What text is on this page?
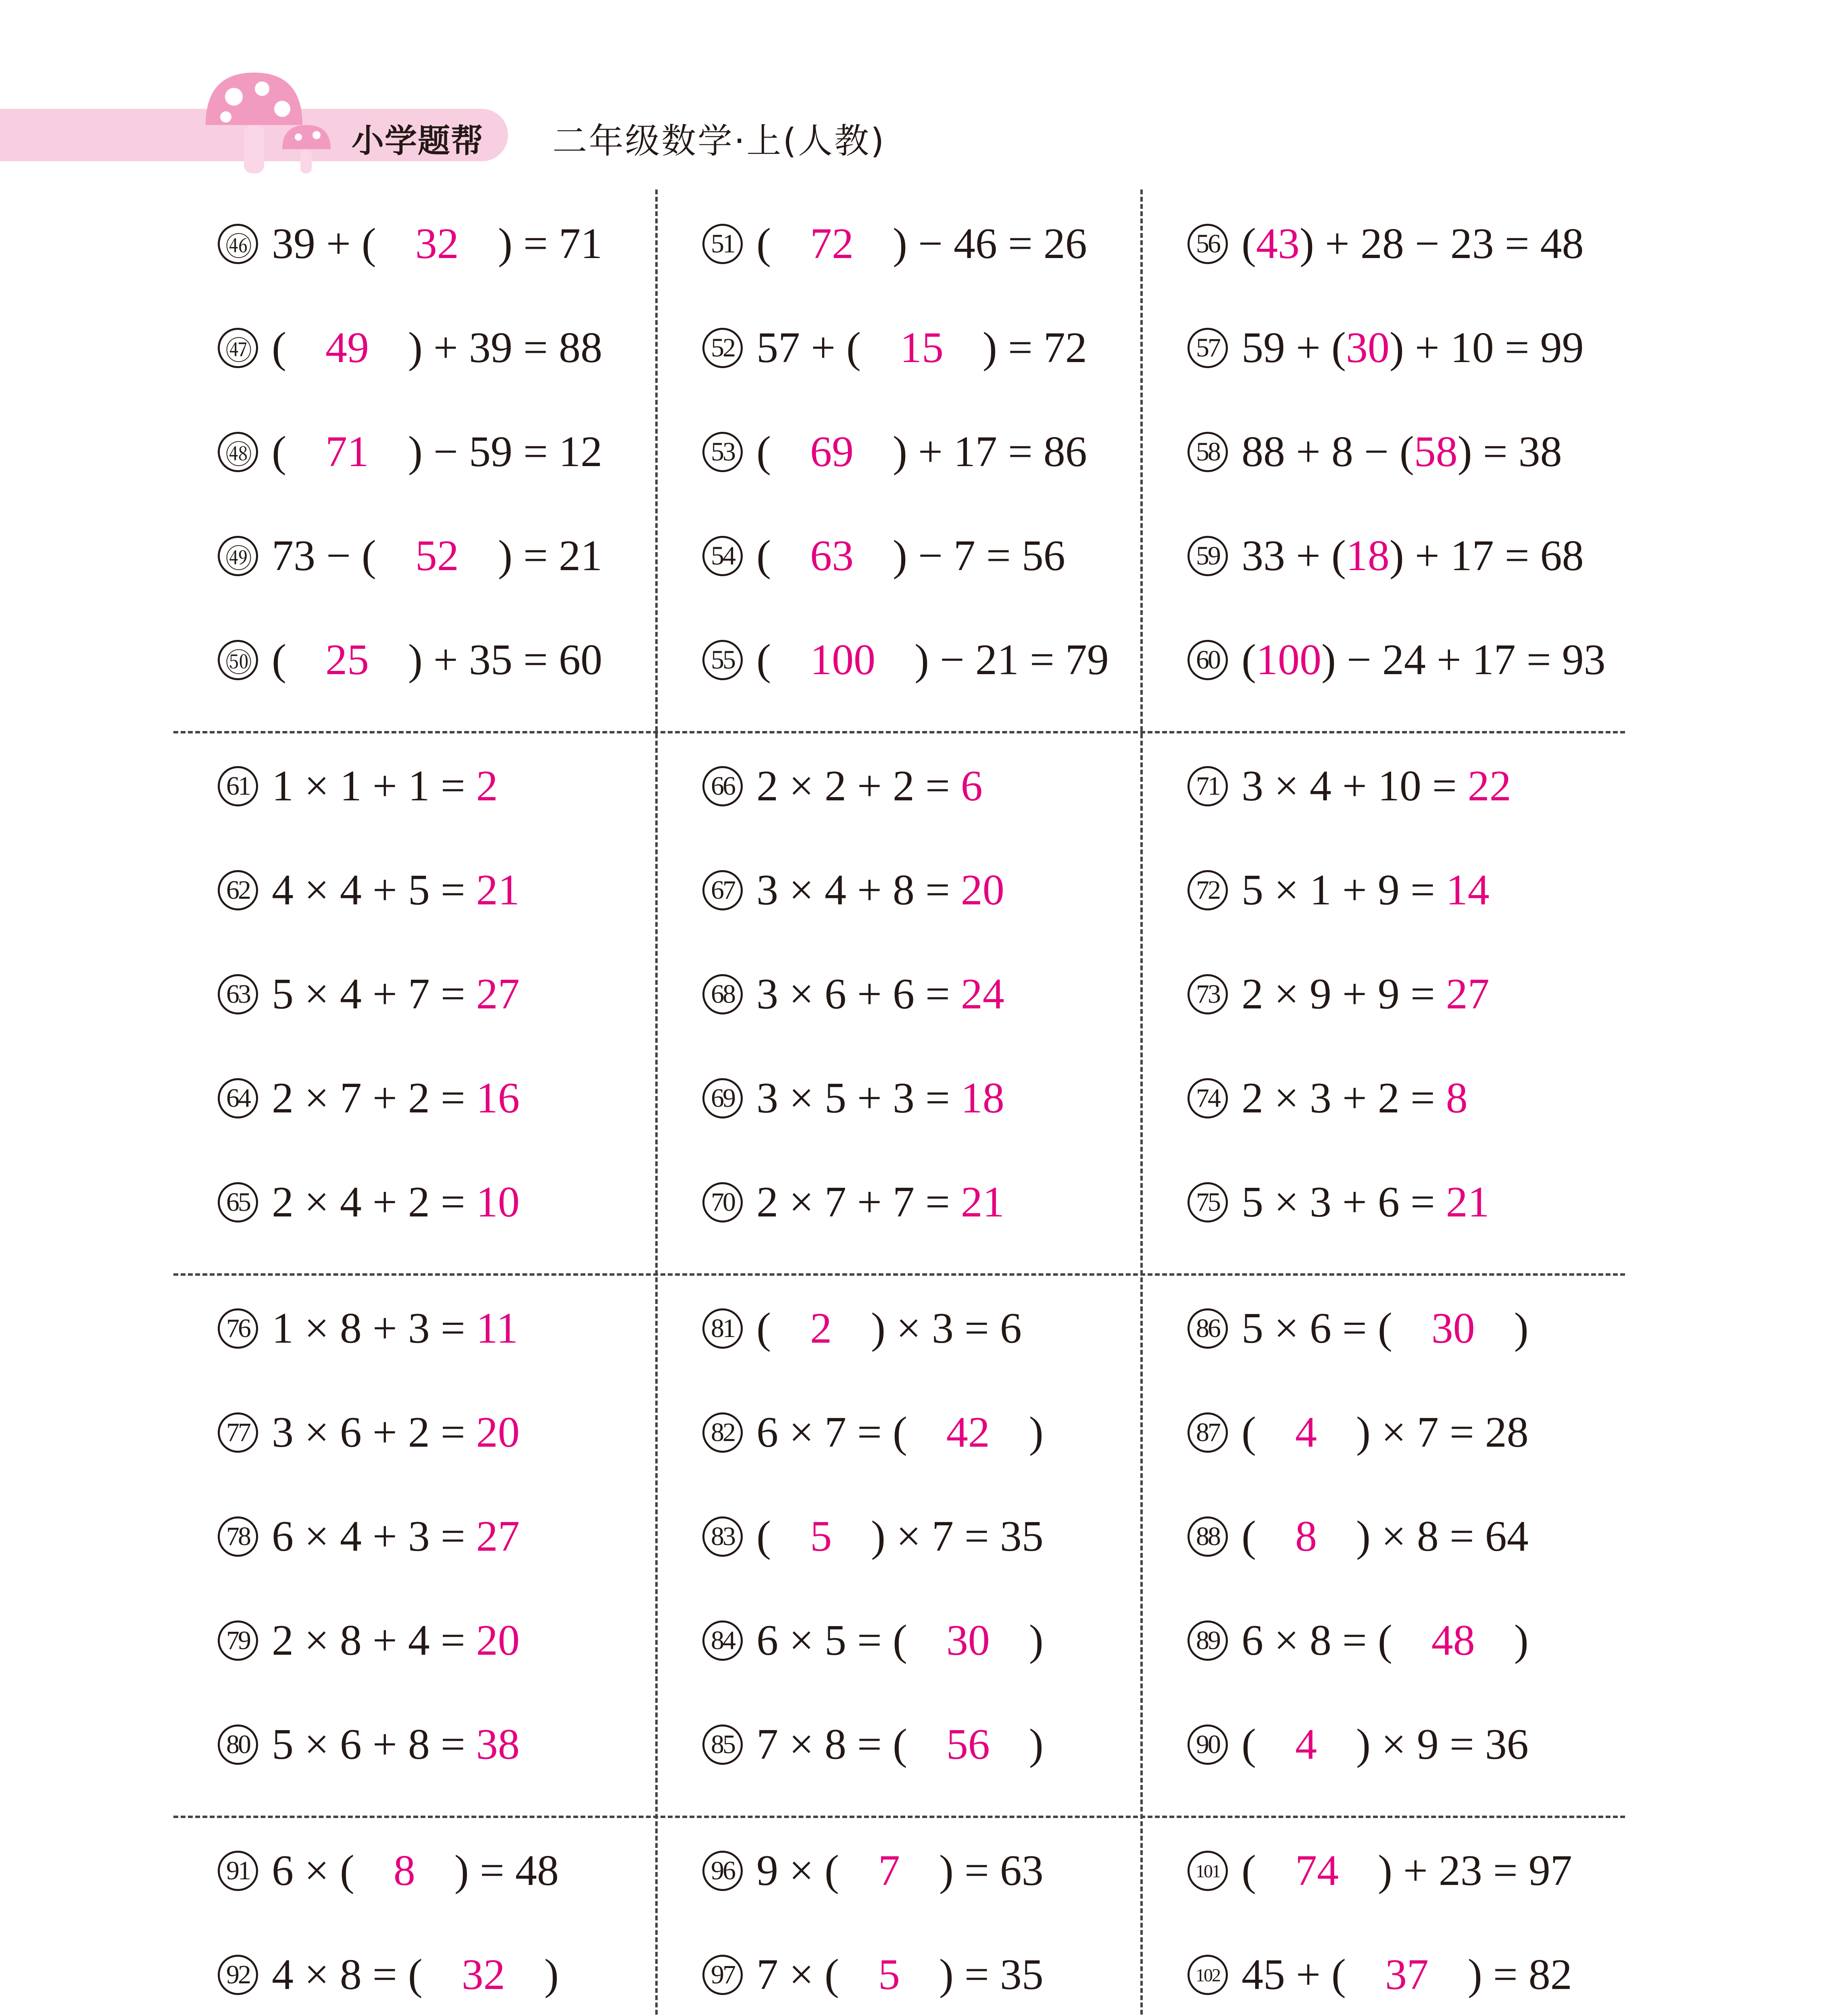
小学题帮 二年级数学·上(人教)
㊻ 39 + ( 32 ) = 71
㊼ ( 49 ) + 39 = 88
㊽ ( 71 ) − 59 = 12
㊾ 73 − ( 52 ) = 21
㊿ ( 25 ) + 35 = 60
61 1 × 1 + 1 = 2
62 4 × 4 + 5 = 21
63 5 × 4 + 7 = 27
64 2 × 7 + 2 = 16
65 2 × 4 + 2 = 10
76 1 × 8 + 3 = 11
77 3 × 6 + 2 = 20
78 6 × 4 + 3 = 27
79 2 × 8 + 4 = 20
80 5 × 6 + 8 = 38
91 6 × ( 8 ) = 48
92 4 × 8 = ( 32 )
51 ( 72 ) − 46 = 26
52 57 + ( 15 ) = 72
53 ( 69 ) + 17 = 86
54 ( 63 ) − 7 = 56
55 ( 100 ) − 21 = 79
66 2 × 2 + 2 = 6
67 3 × 4 + 8 = 20
68 3 × 6 + 6 = 24
69 3 × 5 + 3 = 18
70 2 × 7 + 7 = 21
81 ( 2 ) × 3 = 6
82 6 × 7 = ( 42 )
83 ( 5 ) × 7 = 35
84 6 × 5 = ( 30 )
85 7 × 8 = ( 56 )
96 9 × ( 7 ) = 63
97 7 × ( 5 ) = 35
56 ( 43 ) + 28 − 23 = 48
57 59 + ( 30 ) + 10 = 99
58 88 + 8 − ( 58 ) = 38
59 33 + ( 18 ) + 17 = 68
60 ( 100 ) − 24 + 17 = 93
71 3 × 4 + 10 = 22
72 5 × 1 + 9 = 14
73 2 × 9 + 9 = 27
74 2 × 3 + 2 = 8
75 5 × 3 + 6 = 21
86 5 × 6 = ( 30 )
87 ( 4 ) × 7 = 28
88 ( 8 ) × 8 = 64
89 6 × 8 = ( 48 )
90 ( 4 ) × 9 = 36
101 ( 74 ) + 23 = 97
102 45 + ( 37 ) = 82
